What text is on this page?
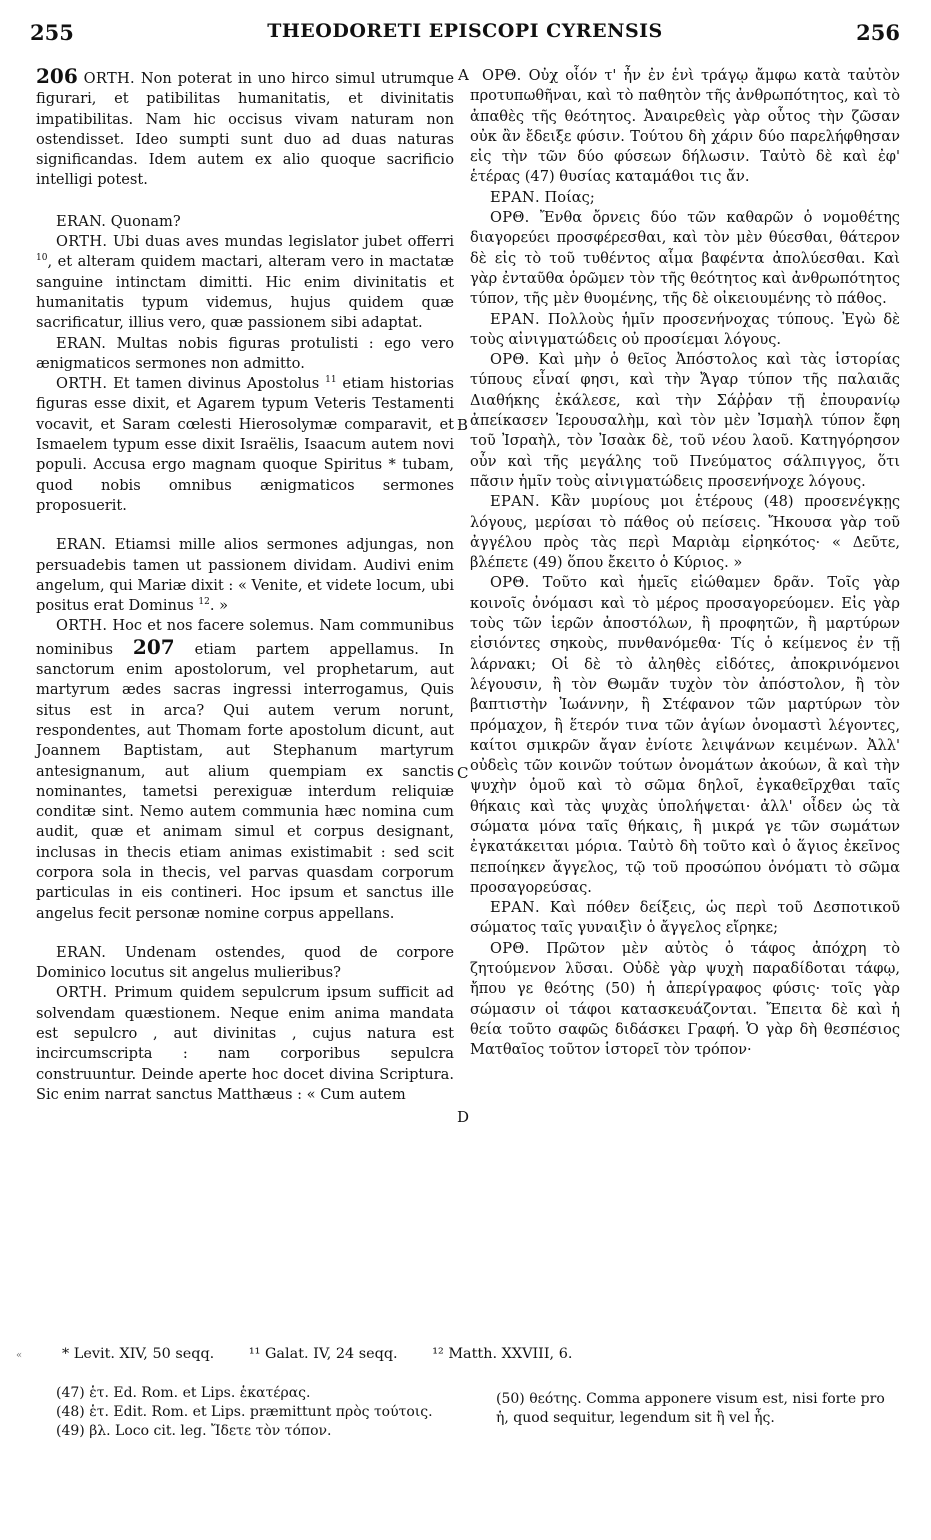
255	THEODORETI EPISCOPI CYRENSIS	256
A
B
C
D

206 ORTH. Non poterat in uno hirco simul utrumque figurari, et patibilitas humanitatis, et divinitatis impatibilitas. Nam hic occisus vivam naturam non ostendisset. Ideo sumpti sunt duo ad duas naturas significandas. Idem autem ex alio quoque sacrificio intelligi potest.

ERAN. Quonam?

ORTH. Ubi duas aves mundas legislator jubet offerri $^{10}$, et alteram quidem mactari, alteram vero in mactatæ sanguine intinctam dimitti. Hic enim divinitatis et humanitatis typum videmus, hujus quidem quæ sacrificatur, illius vero, quæ passionem sibi adaptat.

ERAN. Multas nobis figuras protulisti : ego vero ænigmaticos sermones non admitto.

ORTH. Et tamen divinus Apostolus $^{11}$ etiam historias figuras esse dixit, et Agarem typum Veteris Testamenti vocavit, et Saram cœlesti Hierosolymæ comparavit, et Ismaelem typum esse dixit Israëlis, Isaacum autem novi populi. Accusa ergo magnam quoque Spiritus * tubam, quod nobis omnibus ænigmaticos sermones proposuerit.

ERAN. Etiamsi mille alios sermones adjungas, non persuadebis tamen ut passionem dividam. Audivi enim angelum, qui Mariæ dixit : « Venite, et videte locum, ubi positus erat Dominus $^{12}$. »

ORTH. Hoc et nos facere solemus. Nam communibus nominibus 207 etiam partem appellamus. In sanctorum enim apostolorum, vel prophetarum, aut martyrum ædes sacras ingressi interrogamus, Quis situs est in arca? Qui autem verum norunt, respondentes, aut Thomam forte apostolum dicunt, aut Joannem Baptistam, aut Stephanum martyrum antesignanum, aut alium quempiam ex sanctis nominantes, tametsi perexiguæ interdum reliquiæ conditæ sint. Nemo autem communia hæc nomina cum audit, quæ et animam simul et corpus designant, inclusas in thecis etiam animas existimabit : sed scit corpora sola in thecis, vel parvas quasdam corporum particulas in eis contineri. Hoc ipsum et sanctus ille angelus fecit personæ nomine corpus appellans.

ERAN. Undenam ostendes, quod de corpore Dominico locutus sit angelus mulieribus?

ORTH. Primum quidem sepulcrum ipsum sufficit ad solvendam quæstionem. Neque enim anima mandata est sepulcro , aut divinitas , cujus natura est incircumscripta : nam corporibus sepulcra construuntur. Deinde aperte hoc docet divina Scriptura. Sic enim narrat sanctus Matthæus : « Cum autem

ΟΡΘ. Οὐχ οἷόν τ' ἦν ἐν ἑνὶ τράγῳ ἄμφω κατὰ ταὐτὸν προτυπωθῆναι, καὶ τὸ παθητὸν τῆς ἀνθρωπότητος, καὶ τὸ ἀπαθὲς τῆς θεότητος. Ἀναιρεθεὶς γὰρ οὗτος τὴν ζῶσαν οὐκ ἂν ἔδειξε φύσιν. Τούτου δὴ χάριν δύο παρελήφθησαν εἰς τὴν τῶν δύο φύσεων δήλωσιν. Ταὐτὸ δὲ καὶ ἐφ' ἑτέρας (47) θυσίας καταμάθοι τις ἄν.

ΕΡΑΝ. Ποίας;

ΟΡΘ. Ἔνθα ὄρνεις δύο τῶν καθαρῶν ὁ νομοθέτης διαγορεύει προσφέρεσθαι, καὶ τὸν μὲν θύεσθαι, θάτερον δὲ εἰς τὸ τοῦ τυθέντος αἷμα βαφέντα ἀπολύεσθαι. Καὶ γὰρ ἐνταῦθα ὁρῶμεν τὸν τῆς θεότητος καὶ ἀνθρωπότητος τύπον, τῆς μὲν θυομένης, τῆς δὲ οἰκειουμένης τὸ πάθος.

ΕΡΑΝ. Πολλοὺς ἡμῖν προσενήνοχας τύπους. Ἐγὼ δὲ τοὺς αἰνιγματώδεις οὐ προσίεμαι λόγους.

ΟΡΘ. Καὶ μὴν ὁ θεῖος Ἀπόστολος καὶ τὰς ἱστορίας τύπους εἶναί φησι, καὶ τὴν Ἄγαρ τύπον τῆς παλαιᾶς Διαθήκης ἐκάλεσε, καὶ τὴν Σάῤῥαν τῇ ἐπουρανίῳ ἀπείκασεν Ἱερουσαλὴμ, καὶ τὸν μὲν Ἰσμαὴλ τύπον ἔφη τοῦ Ἰσραὴλ, τὸν Ἰσαὰκ δὲ, τοῦ νέου λαοῦ. Κατηγόρησον οὖν καὶ τῆς μεγάλης τοῦ Πνεύματος σάλπιγγος, ὅτι πᾶσιν ἡμῖν τοὺς αἰνιγματώδεις προσενήνοχε λόγους.

ΕΡΑΝ. Κἂν μυρίους μοι ἑτέρους (48) προσενέγκῃς λόγους, μερίσαι τὸ πάθος οὐ πείσεις. Ἤκουσα γὰρ τοῦ ἀγγέλου πρὸς τὰς περὶ Μαριὰμ εἰρηκότος· « Δεῦτε, βλέπετε (49) ὅπου ἔκειτο ὁ Κύριος. »

ΟΡΘ. Τοῦτο καὶ ἡμεῖς εἰώθαμεν δρᾶν. Τοῖς γὰρ κοινοῖς ὀνόμασι καὶ τὸ μέρος προσαγορεύομεν. Εἰς γὰρ τοὺς τῶν ἱερῶν ἀποστόλων, ἢ προφητῶν, ἢ μαρτύρων εἰσιόντες σηκοὺς, πυνθανόμεθα· Τίς ὁ κείμενος ἐν τῇ λάρνακι; Οἱ δὲ τὸ ἀληθὲς εἰδότες, ἀποκρινόμενοι λέγουσιν, ἢ τὸν Θωμᾶν τυχὸν τὸν ἀπόστολον, ἢ τὸν βαπτιστὴν Ἰωάννην, ἢ Στέφανον τῶν μαρτύρων τὸν πρόμαχον, ἢ ἕτερόν τινα τῶν ἁγίων ὀνομαστὶ λέγοντες, καίτοι σμικρῶν ἄγαν ἐνίοτε λειψάνων κειμένων. Ἀλλ' οὐδεὶς τῶν κοινῶν τούτων ὀνομάτων ἀκούων, ἃ καὶ τὴν ψυχὴν ὁμοῦ καὶ τὸ σῶμα δηλοῖ, ἐγκαθεῖρχθαι ταῖς θήκαις καὶ τὰς ψυχὰς ὑπολήψεται· ἀλλ' οἶδεν ὡς τὰ σώματα μόνα ταῖς θήκαις, ἢ μικρά γε τῶν σωμάτων ἐγκατάκειται μόρια. Ταὐτὸ δὴ τοῦτο καὶ ὁ ἅγιος ἐκεῖνος πεποίηκεν ἄγγελος, τῷ τοῦ προσώπου ὀνόματι τὸ σῶμα προσαγορεύσας.

ΕΡΑΝ. Καὶ πόθεν δείξεις, ὡς περὶ τοῦ Δεσποτικοῦ σώματος ταῖς γυναιξὶν ὁ ἄγγελος εἴρηκε;

ΟΡΘ. Πρῶτον μὲν αὐτὸς ὁ τάφος ἀπόχρη τὸ ζητούμενον λῦσαι. Οὐδὲ γὰρ ψυχὴ παραδίδοται τάφῳ, ἤπου γε θεότης (50) ἡ ἀπερίγραφος φύσις· τοῖς γὰρ σώμασιν οἱ τάφοι κατασκευάζονται. Ἔπειτα δὲ καὶ ἡ θεία τοῦτο σαφῶς διδάσκει Γραφή. Ὁ γὰρ δὴ θεσπέσιος Ματθαῖος τοῦτον ἱστορεῖ τὸν τρόπον·

«	* Levit. XIV, 50 seqq. ¹¹ Galat. IV, 24 seqq. ¹² Matth. XXVIII, 6.
(47) ἑτ. Ed. Rom. et Lips. ἑκατέρας.
(48) ἑτ. Edit. Rom. et Lips. præmittunt πρὸς τούτοις.
(49) βλ. Loco cit. leg. Ἴδετε τὸν τόπον.
(50) θεότης. Comma apponere visum est, nisi forte pro ἡ, quod sequitur, legendum sit ἢ vel ἦς.
